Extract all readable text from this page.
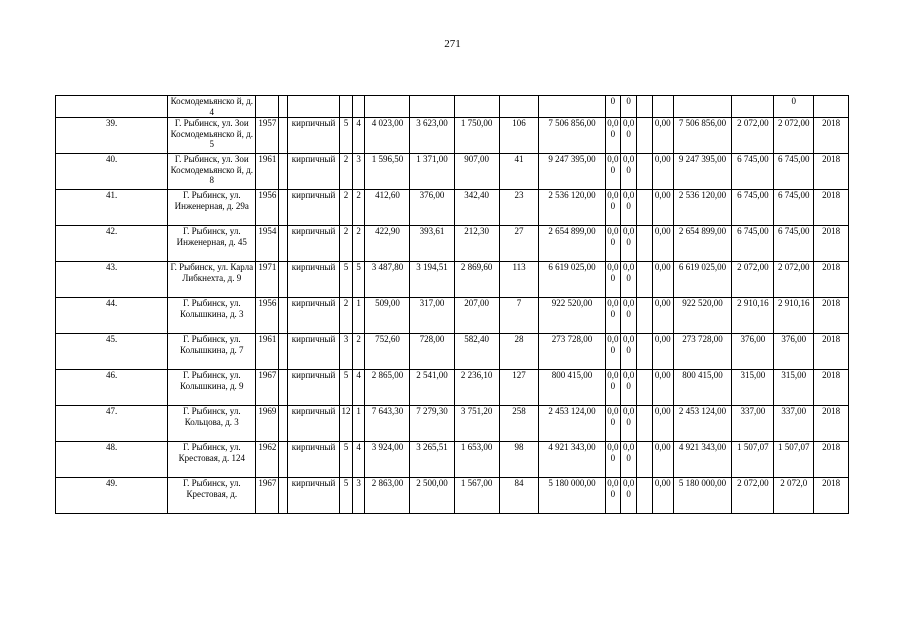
271
	Космодемьянско й, д. 4											0	0					0	
39.	Г. Рыбинск, ул. Зои Космодемьянско й, д. 5	1957		кирпичный	5	4	4 023,00	3 623,00	1 750,00	106	7 506 856,00	0,00	0,00		0,00	7 506 856,00	2 072,00	2 072,00	2018
40.	Г. Рыбинск, ул. Зои Космодемьянско й, д. 8	1961		кирпичный	2	3	1 596,50	1 371,00	907,00	41	9 247 395,00	0,00	0,00		0,00	9 247 395,00	6 745,00	6 745,00	2018
41.	Г. Рыбинск, ул. Инженерная, д. 29а	1956		кирпичный	2	2	412,60	376,00	342,40	23	2 536 120,00	0,00	0,00		0,00	2 536 120,00	6 745,00	6 745,00	2018
42.	Г. Рыбинск, ул. Инженерная, д. 45	1954		кирпичный	2	2	422,90	393,61	212,30	27	2 654 899,00	0,00	0,00		0,00	2 654 899,00	6 745,00	6 745,00	2018
43.	Г. Рыбинск, ул. Карла Либкнехта, д. 9	1971		кирпичный	5	5	3 487,80	3 194,51	2 869,60	113	6 619 025,00	0,00	0,00		0,00	6 619 025,00	2 072,00	2 072,00	2018
44.	Г. Рыбинск, ул. Колышкина, д. 3	1956		кирпичный	2	1	509,00	317,00	207,00	7	922 520,00	0,00	0,00		0,00	922 520,00	2 910,16	2 910,16	2018
45.	Г. Рыбинск, ул. Колышкина, д. 7	1961		кирпичный	3	2	752,60	728,00	582,40	28	273 728,00	0,00	0,00		0,00	273 728,00	376,00	376,00	2018
46.	Г. Рыбинск, ул. Колышкина, д. 9	1967		кирпичный	5	4	2 865,00	2 541,00	2 236,10	127	800 415,00	0,00	0,00		0,00	800 415,00	315,00	315,00	2018
47.	Г. Рыбинск, ул. Кольцова, д. 3	1969		кирпичный	12	1	7 643,30	7 279,30	3 751,20	258	2 453 124,00	0,00	0,00		0,00	2 453 124,00	337,00	337,00	2018
48.	Г. Рыбинск, ул. Крестовая, д. 124	1962		кирпичный	5	4	3 924,00	3 265,51	1 653,00	98	4 921 343,00	0,00	0,00		0,00	4 921 343,00	1 507,07	1 507,07	2018
49.	Г. Рыбинск, ул. Крестовая, д.	1967		кирпичный	5	3	2 863,00	2 500,00	1 567,00	84	5 180 000,00	0,00	0,00		0,00	5 180 000,00	2 072,00	2 072,0	2018
